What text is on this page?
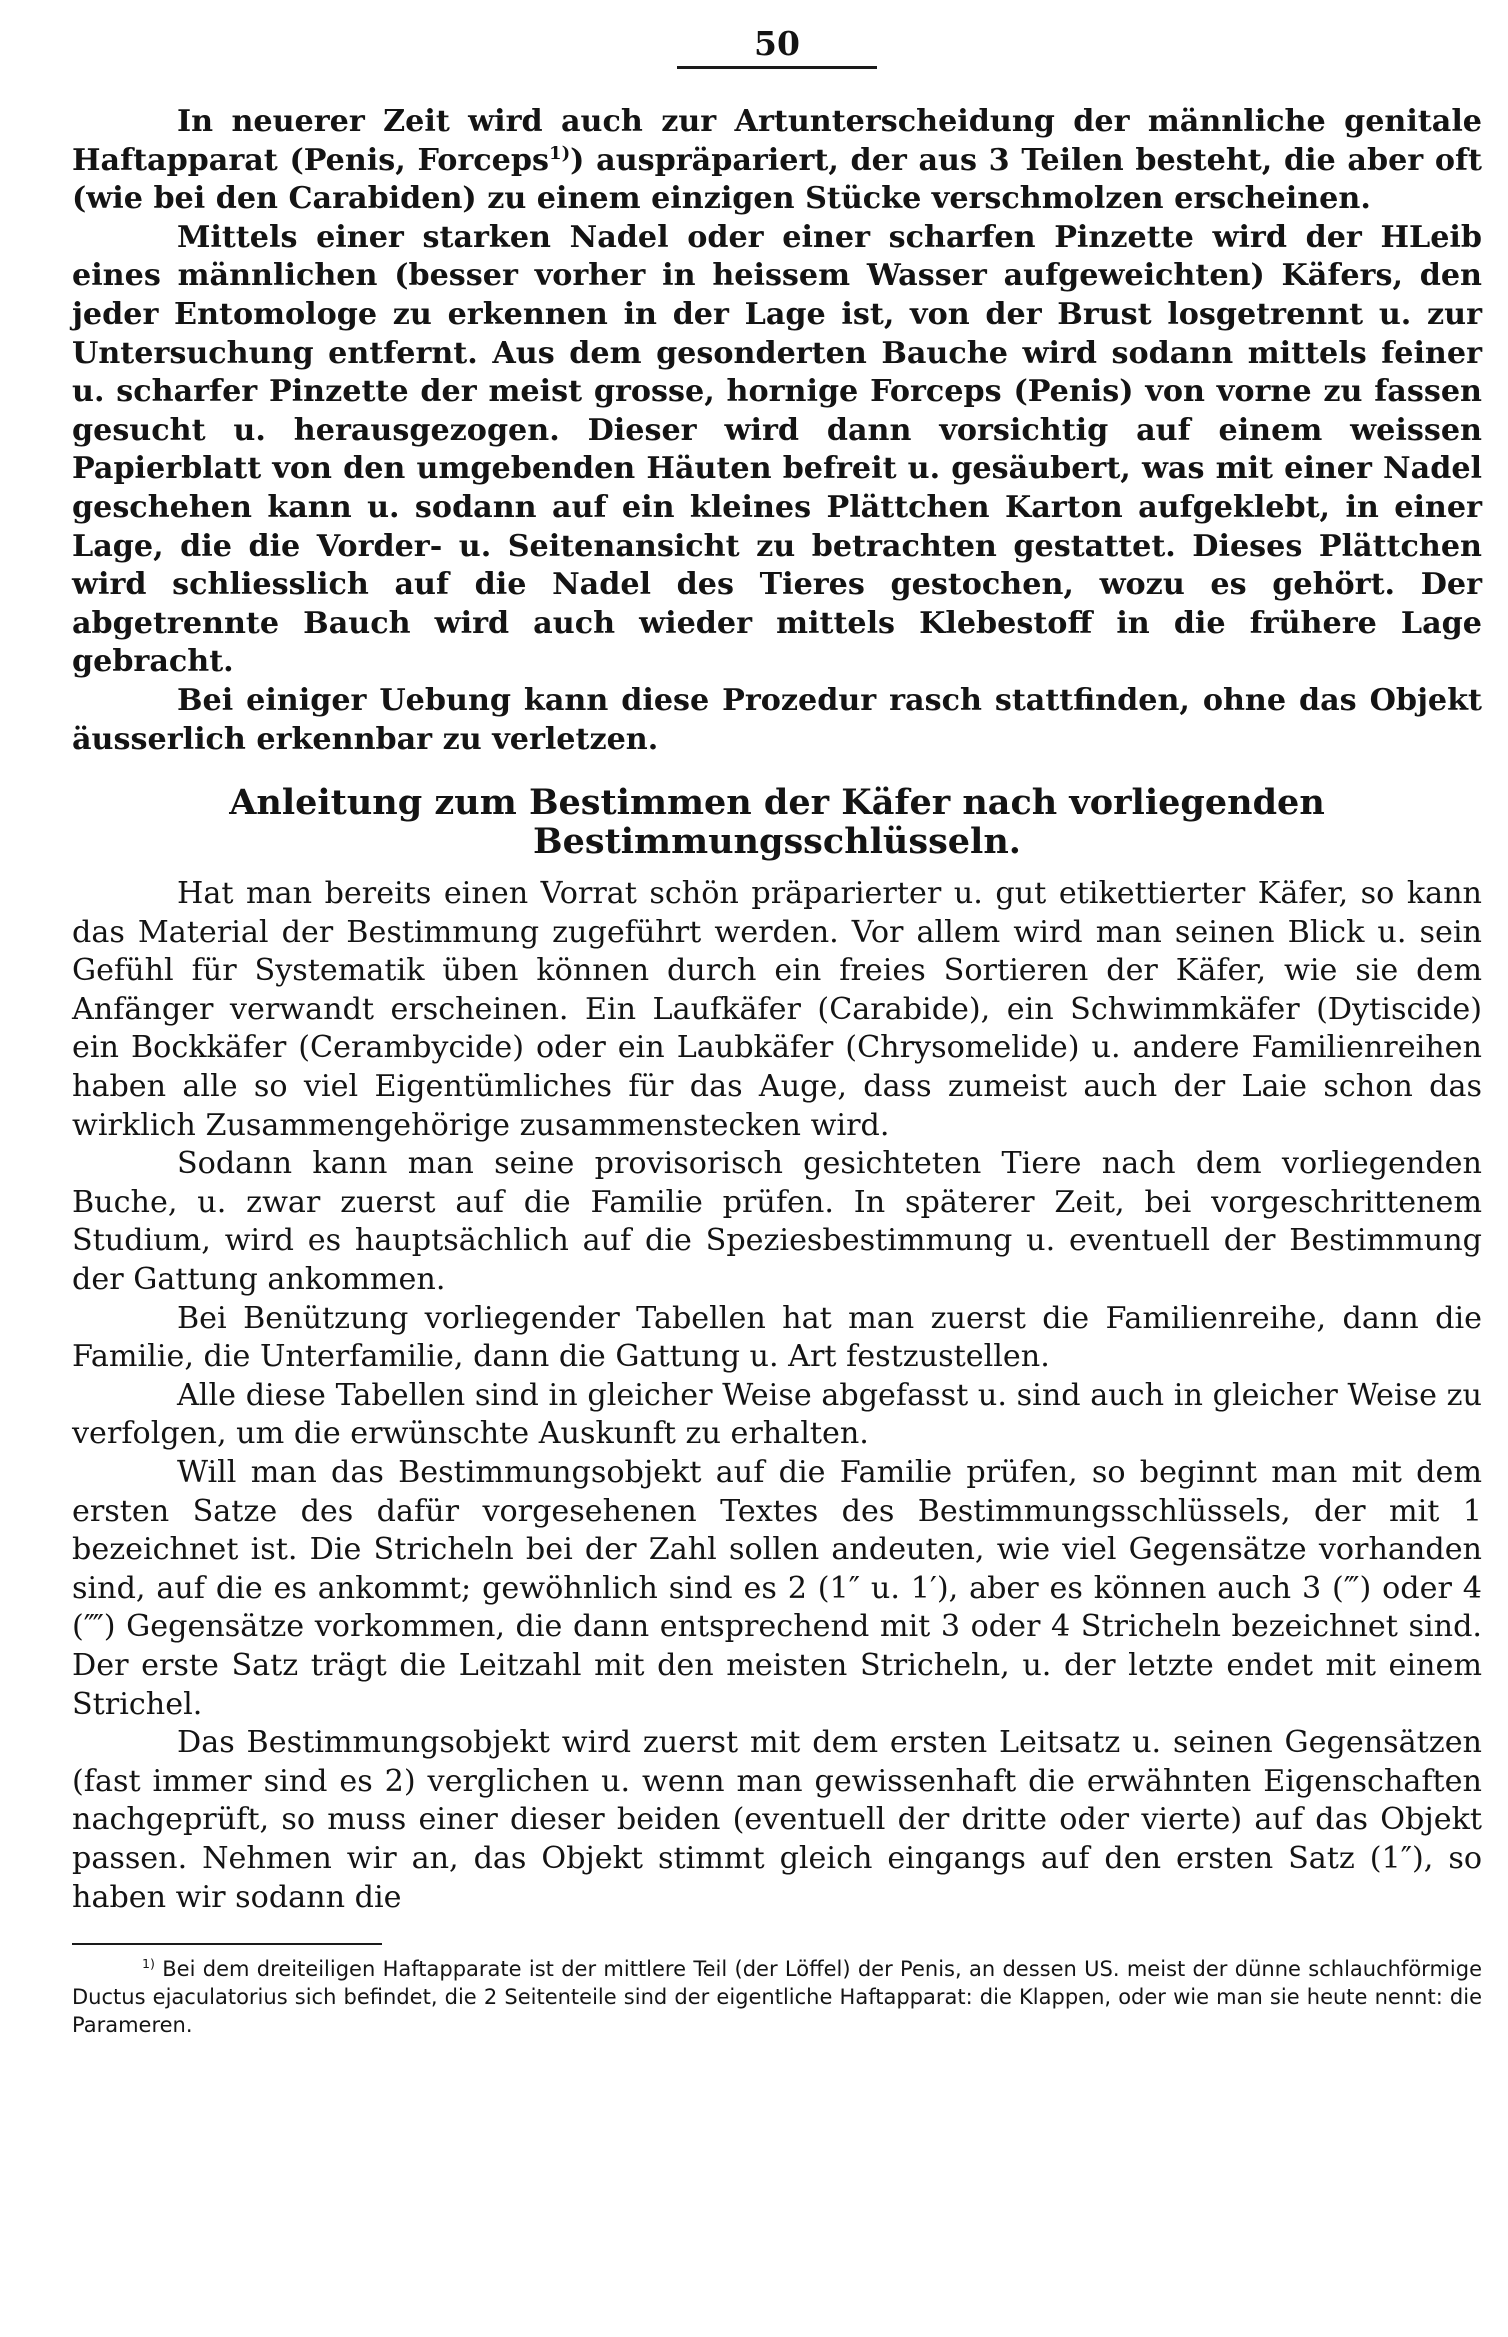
50

In neuerer Zeit wird auch zur Artunterscheidung der männliche genitale Haftapparat (Penis, Forceps$^{1)}$) auspräpariert, der aus 3 Teilen besteht, die aber oft (wie bei den Carabiden) zu einem einzigen Stücke verschmolzen erscheinen.

Mittels einer starken Nadel oder einer scharfen Pinzette wird der HLeib eines männlichen (besser vorher in heissem Wasser aufgeweichten) Käfers, den jeder Entomologe zu erkennen in der Lage ist, von der Brust losgetrennt u. zur Untersuchung entfernt. Aus dem gesonderten Bauche wird sodann mittels feiner u. scharfer Pinzette der meist grosse, hornige Forceps (Penis) von vorne zu fassen gesucht u. herausgezogen. Dieser wird dann vorsichtig auf einem weissen Papierblatt von den umgebenden Häuten befreit u. gesäubert, was mit einer Nadel geschehen kann u. sodann auf ein kleines Plättchen Karton aufgeklebt, in einer Lage, die die Vorder- u. Seitenansicht zu betrachten gestattet. Dieses Plättchen wird schliesslich auf die Nadel des Tieres gestochen, wozu es gehört. Der abgetrennte Bauch wird auch wieder mittels Klebestoff in die frühere Lage gebracht.

Bei einiger Uebung kann diese Prozedur rasch stattfinden, ohne das Objekt äusserlich erkennbar zu verletzen.

Anleitung zum Bestimmen der Käfer nach vorliegenden Bestimmungsschlüsseln.

Hat man bereits einen Vorrat schön präparierter u. gut etikettierter Käfer, so kann das Material der Bestimmung zugeführt werden. Vor allem wird man seinen Blick u. sein Gefühl für Systematik üben können durch ein freies Sortieren der Käfer, wie sie dem Anfänger verwandt erscheinen. Ein Laufkäfer (Carabide), ein Schwimmkäfer (Dytiscide) ein Bockkäfer (Cerambycide) oder ein Laubkäfer (Chrysomelide) u. andere Familienreihen haben alle so viel Eigentümliches für das Auge, dass zumeist auch der Laie schon das wirklich Zusammengehörige zusammenstecken wird.

Sodann kann man seine provisorisch gesichteten Tiere nach dem vorliegenden Buche, u. zwar zuerst auf die Familie prüfen. In späterer Zeit, bei vorgeschrittenem Studium, wird es hauptsächlich auf die Speziesbestimmung u. eventuell der Bestimmung der Gattung ankommen.

Bei Benützung vorliegender Tabellen hat man zuerst die Familienreihe, dann die Familie, die Unterfamilie, dann die Gattung u. Art festzustellen.

Alle diese Tabellen sind in gleicher Weise abgefasst u. sind auch in gleicher Weise zu verfolgen, um die erwünschte Auskunft zu erhalten.

Will man das Bestimmungsobjekt auf die Familie prüfen, so beginnt man mit dem ersten Satze des dafür vorgesehenen Textes des Bestimmungsschlüssels, der mit 1 bezeichnet ist. Die Stricheln bei der Zahl sollen andeuten, wie viel Gegensätze vorhanden sind, auf die es ankommt; gewöhnlich sind es 2 (1″ u. 1′), aber es können auch 3 (‴) oder 4 (⁗) Gegensätze vorkommen, die dann entsprechend mit 3 oder 4 Stricheln bezeichnet sind. Der erste Satz trägt die Leitzahl mit den meisten Stricheln, u. der letzte endet mit einem Strichel.

Das Bestimmungsobjekt wird zuerst mit dem ersten Leitsatz u. seinen Gegensätzen (fast immer sind es 2) verglichen u. wenn man gewissenhaft die erwähnten Eigenschaften nachgeprüft, so muss einer dieser beiden (eventuell der dritte oder vierte) auf das Objekt passen. Nehmen wir an, das Objekt stimmt gleich eingangs auf den ersten Satz (1″), so haben wir sodann die

$^{1)}$ Bei dem dreiteiligen Haftapparate ist der mittlere Teil (der Löffel) der Penis, an dessen US. meist der dünne schlauchförmige Ductus ejaculatorius sich befindet, die 2 Seitenteile sind der eigentliche Haftapparat: die Klappen, oder wie man sie heute nennt: die Parameren.
